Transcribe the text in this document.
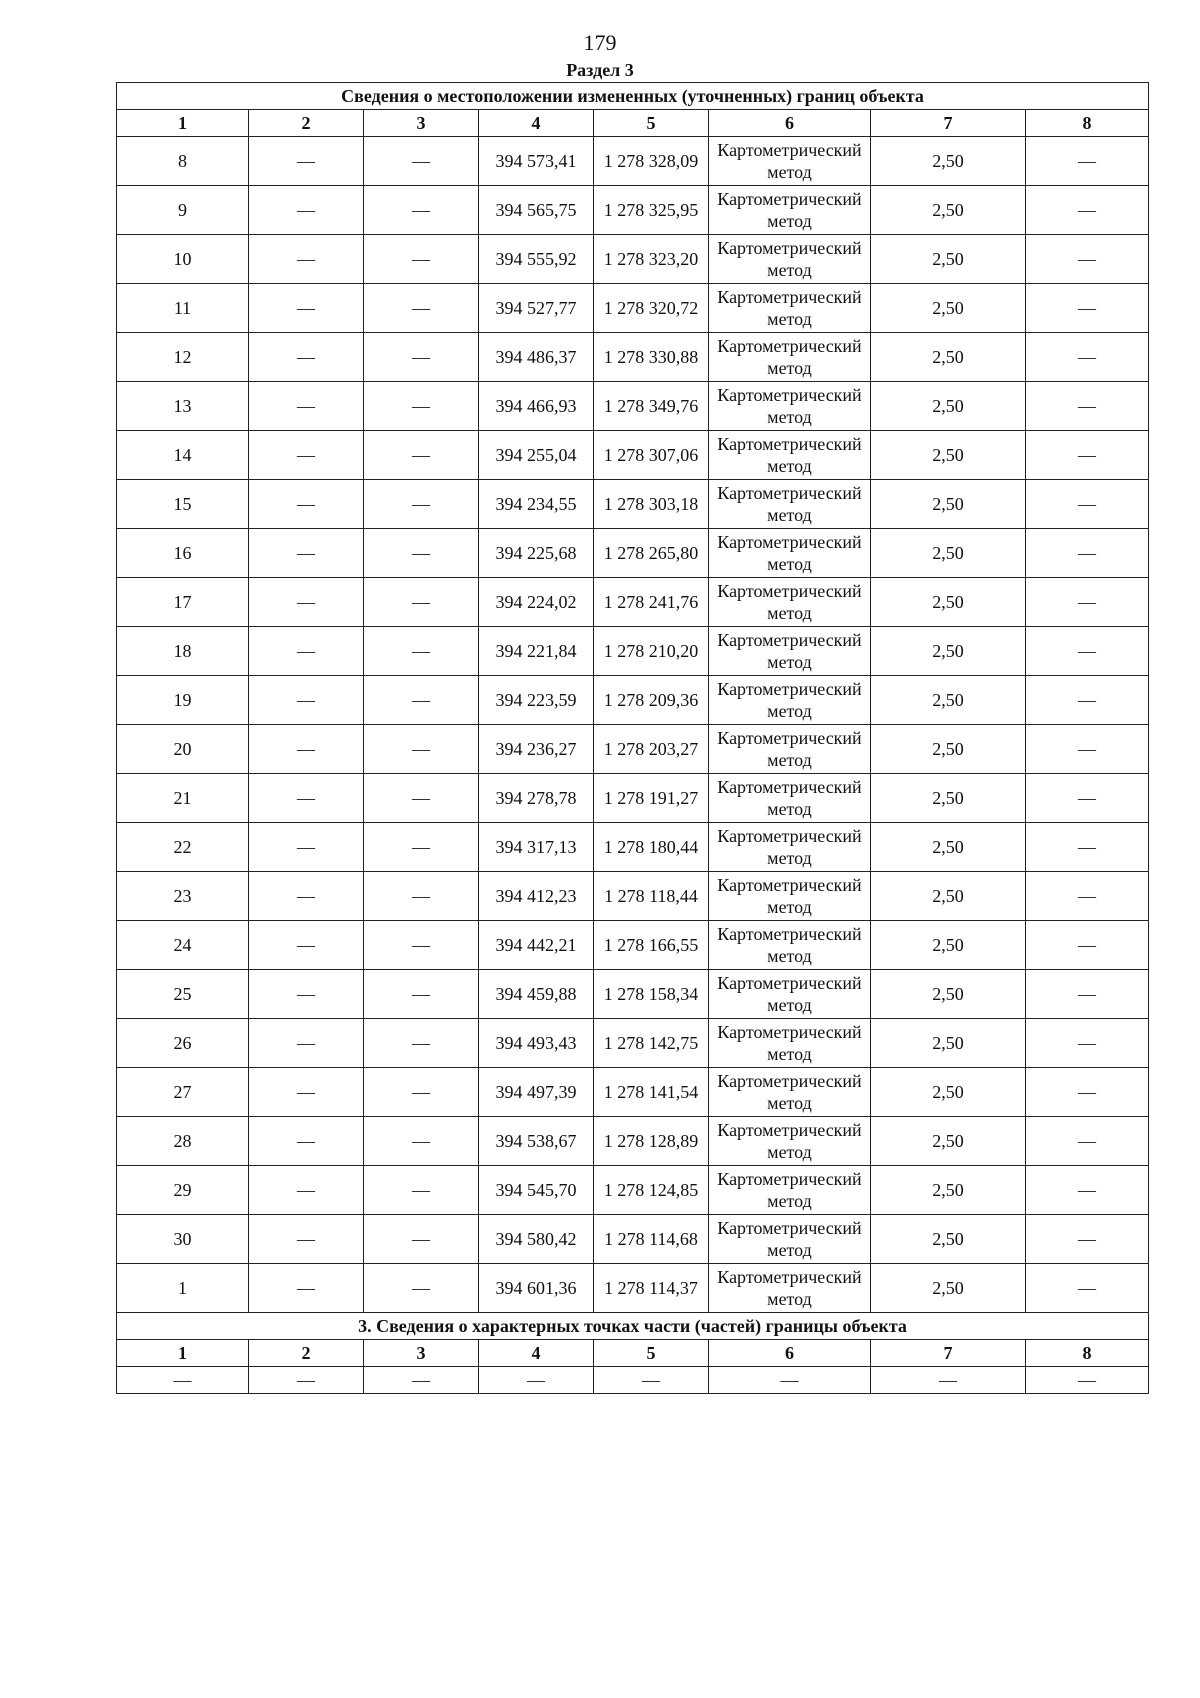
179
Раздел 3
Сведения о местоположении измененных (уточненных) границ объекта							
1	2	3	4	5	6	7	8
8	—	—	394 573,41	1 278 328,09	Картометрический метод	2,50	—
9	—	—	394 565,75	1 278 325,95	Картометрический метод	2,50	—
10	—	—	394 555,92	1 278 323,20	Картометрический метод	2,50	—
11	—	—	394 527,77	1 278 320,72	Картометрический метод	2,50	—
12	—	—	394 486,37	1 278 330,88	Картометрический метод	2,50	—
13	—	—	394 466,93	1 278 349,76	Картометрический метод	2,50	—
14	—	—	394 255,04	1 278 307,06	Картометрический метод	2,50	—
15	—	—	394 234,55	1 278 303,18	Картометрический метод	2,50	—
16	—	—	394 225,68	1 278 265,80	Картометрический метод	2,50	—
17	—	—	394 224,02	1 278 241,76	Картометрический метод	2,50	—
18	—	—	394 221,84	1 278 210,20	Картометрический метод	2,50	—
19	—	—	394 223,59	1 278 209,36	Картометрический метод	2,50	—
20	—	—	394 236,27	1 278 203,27	Картометрический метод	2,50	—
21	—	—	394 278,78	1 278 191,27	Картометрический метод	2,50	—
22	—	—	394 317,13	1 278 180,44	Картометрический метод	2,50	—
23	—	—	394 412,23	1 278 118,44	Картометрический метод	2,50	—
24	—	—	394 442,21	1 278 166,55	Картометрический метод	2,50	—
25	—	—	394 459,88	1 278 158,34	Картометрический метод	2,50	—
26	—	—	394 493,43	1 278 142,75	Картометрический метод	2,50	—
27	—	—	394 497,39	1 278 141,54	Картометрический метод	2,50	—
28	—	—	394 538,67	1 278 128,89	Картометрический метод	2,50	—
29	—	—	394 545,70	1 278 124,85	Картометрический метод	2,50	—
30	—	—	394 580,42	1 278 114,68	Картометрический метод	2,50	—
1	—	—	394 601,36	1 278 114,37	Картометрический метод	2,50	—
3. Сведения о характерных точках части (частей) границы объекта							
1	2	3	4	5	6	7	8
—	—	—	—	—	—	—	—
